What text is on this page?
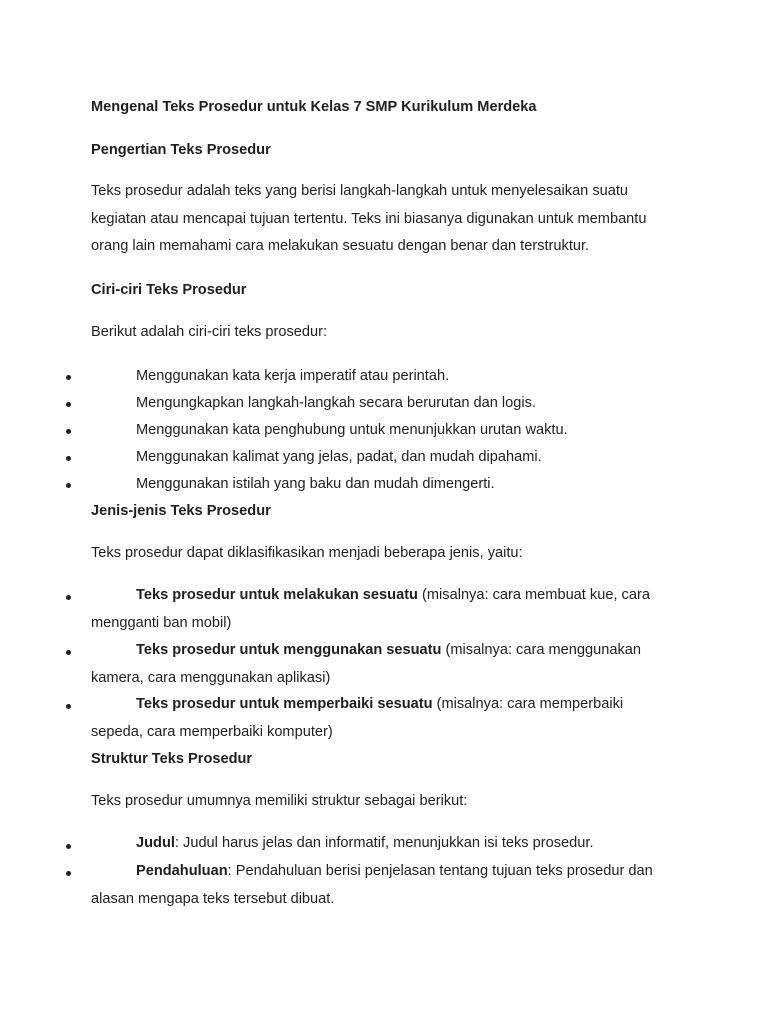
Mengenal Teks Prosedur untuk Kelas 7 SMP Kurikulum Merdeka
Pengertian Teks Prosedur
Teks prosedur adalah teks yang berisi langkah-langkah untuk menyelesaikan suatu
kegiatan atau mencapai tujuan tertentu. Teks ini biasanya digunakan untuk membantu
orang lain memahami cara melakukan sesuatu dengan benar dan terstruktur.
Ciri-ciri Teks Prosedur
Berikut adalah ciri-ciri teks prosedur:
Menggunakan kata kerja imperatif atau perintah.
Mengungkapkan langkah-langkah secara berurutan dan logis.
Menggunakan kata penghubung untuk menunjukkan urutan waktu.
Menggunakan kalimat yang jelas, padat, dan mudah dipahami.
Menggunakan istilah yang baku dan mudah dimengerti.
Jenis-jenis Teks Prosedur
Teks prosedur dapat diklasifikasikan menjadi beberapa jenis, yaitu:
Teks prosedur untuk melakukan sesuatu (misalnya: cara membuat kue, cara
mengganti ban mobil)
Teks prosedur untuk menggunakan sesuatu (misalnya: cara menggunakan
kamera, cara menggunakan aplikasi)
Teks prosedur untuk memperbaiki sesuatu (misalnya: cara memperbaiki
sepeda, cara memperbaiki komputer)
Struktur Teks Prosedur
Teks prosedur umumnya memiliki struktur sebagai berikut:
Judul: Judul harus jelas dan informatif, menunjukkan isi teks prosedur.
Pendahuluan: Pendahuluan berisi penjelasan tentang tujuan teks prosedur dan
alasan mengapa teks tersebut dibuat.
